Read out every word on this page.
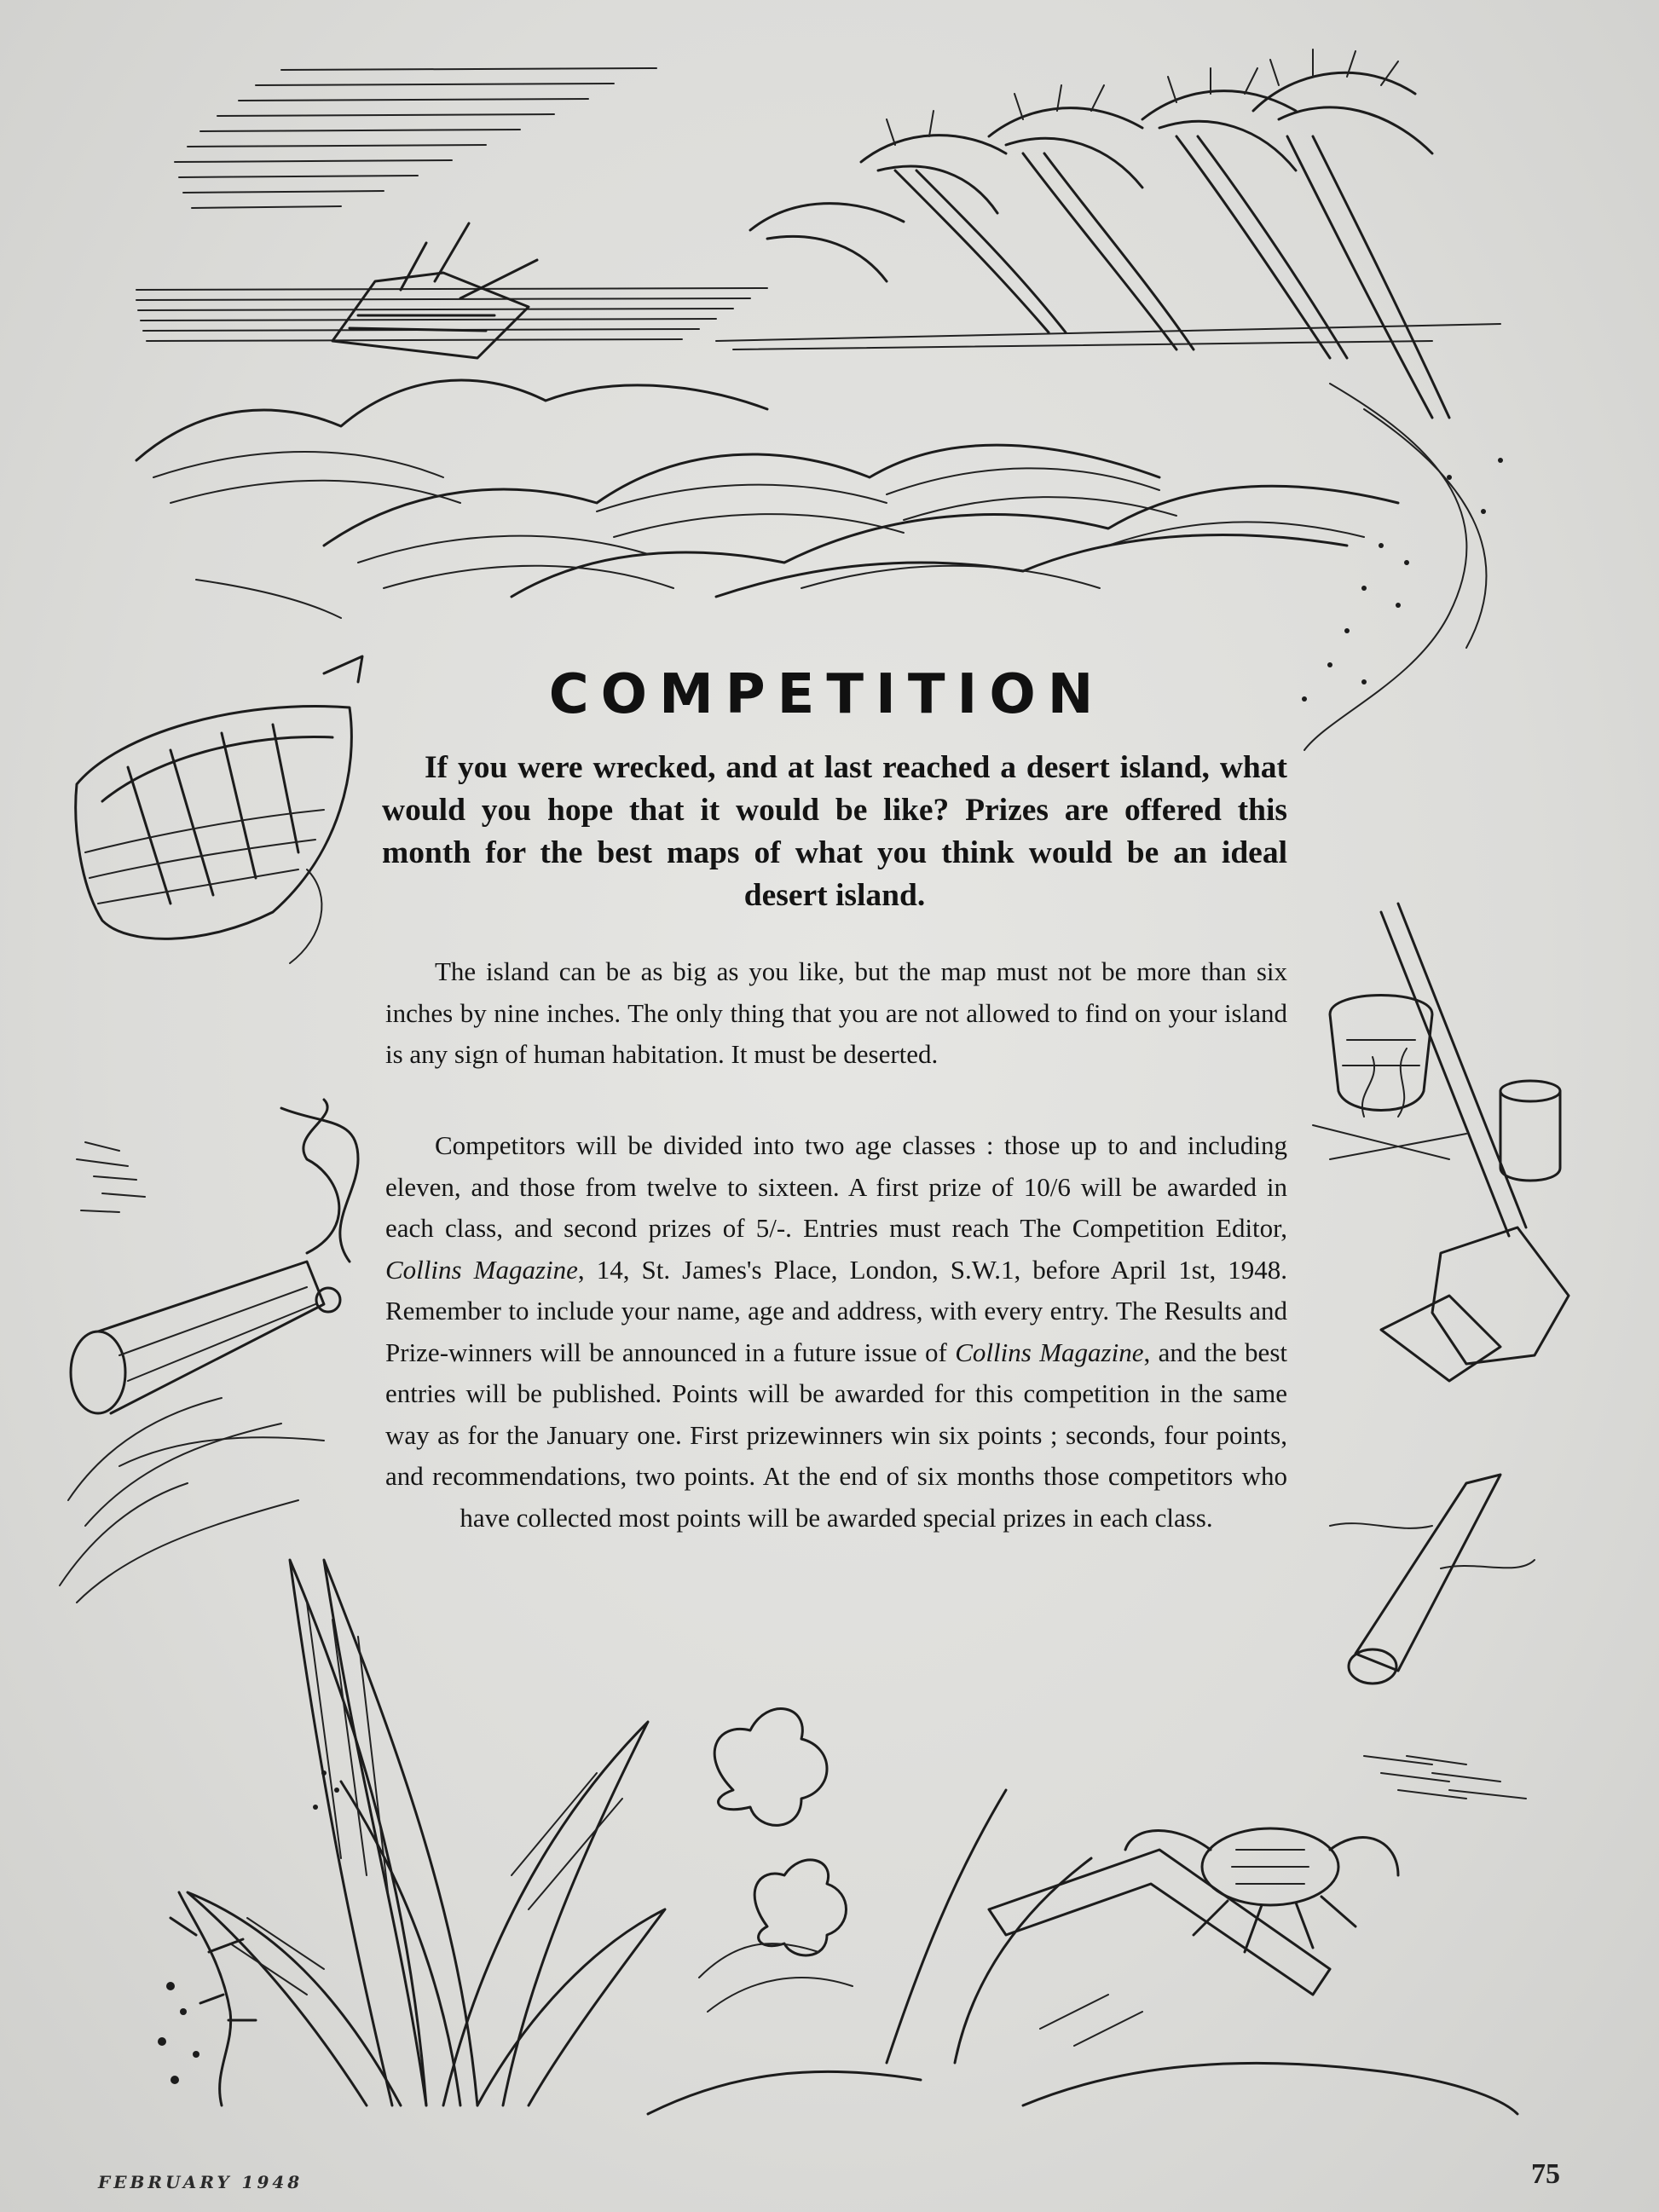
COMPETITION
If you were wrecked, and at last reached a desert island, what would you hope that it would be like? Prizes are offered this month for the best maps of what you think would be an ideal desert island.
The island can be as big as you like, but the map must not be more than six inches by nine inches. The only thing that you are not allowed to find on your island is any sign of human habitation. It must be deserted.
Competitors will be divided into two age classes : those up to and including eleven, and those from twelve to sixteen. A first prize of 10/6 will be awarded in each class, and second prizes of 5/-. Entries must reach The Competition Editor, Collins Magazine, 14, St. James's Place, London, S.W.1, before April 1st, 1948. Remember to include your name, age and address, with every entry. The Results and Prize-winners will be announced in a future issue of Collins Magazine, and the best entries will be published. Points will be awarded for this competition in the same way as for the January one. First prizewinners win six points ; seconds, four points, and recommendations, two points. At the end of six months those competitors who have collected most points will be awarded special prizes in each class.
FEBRUARY 1948	75
